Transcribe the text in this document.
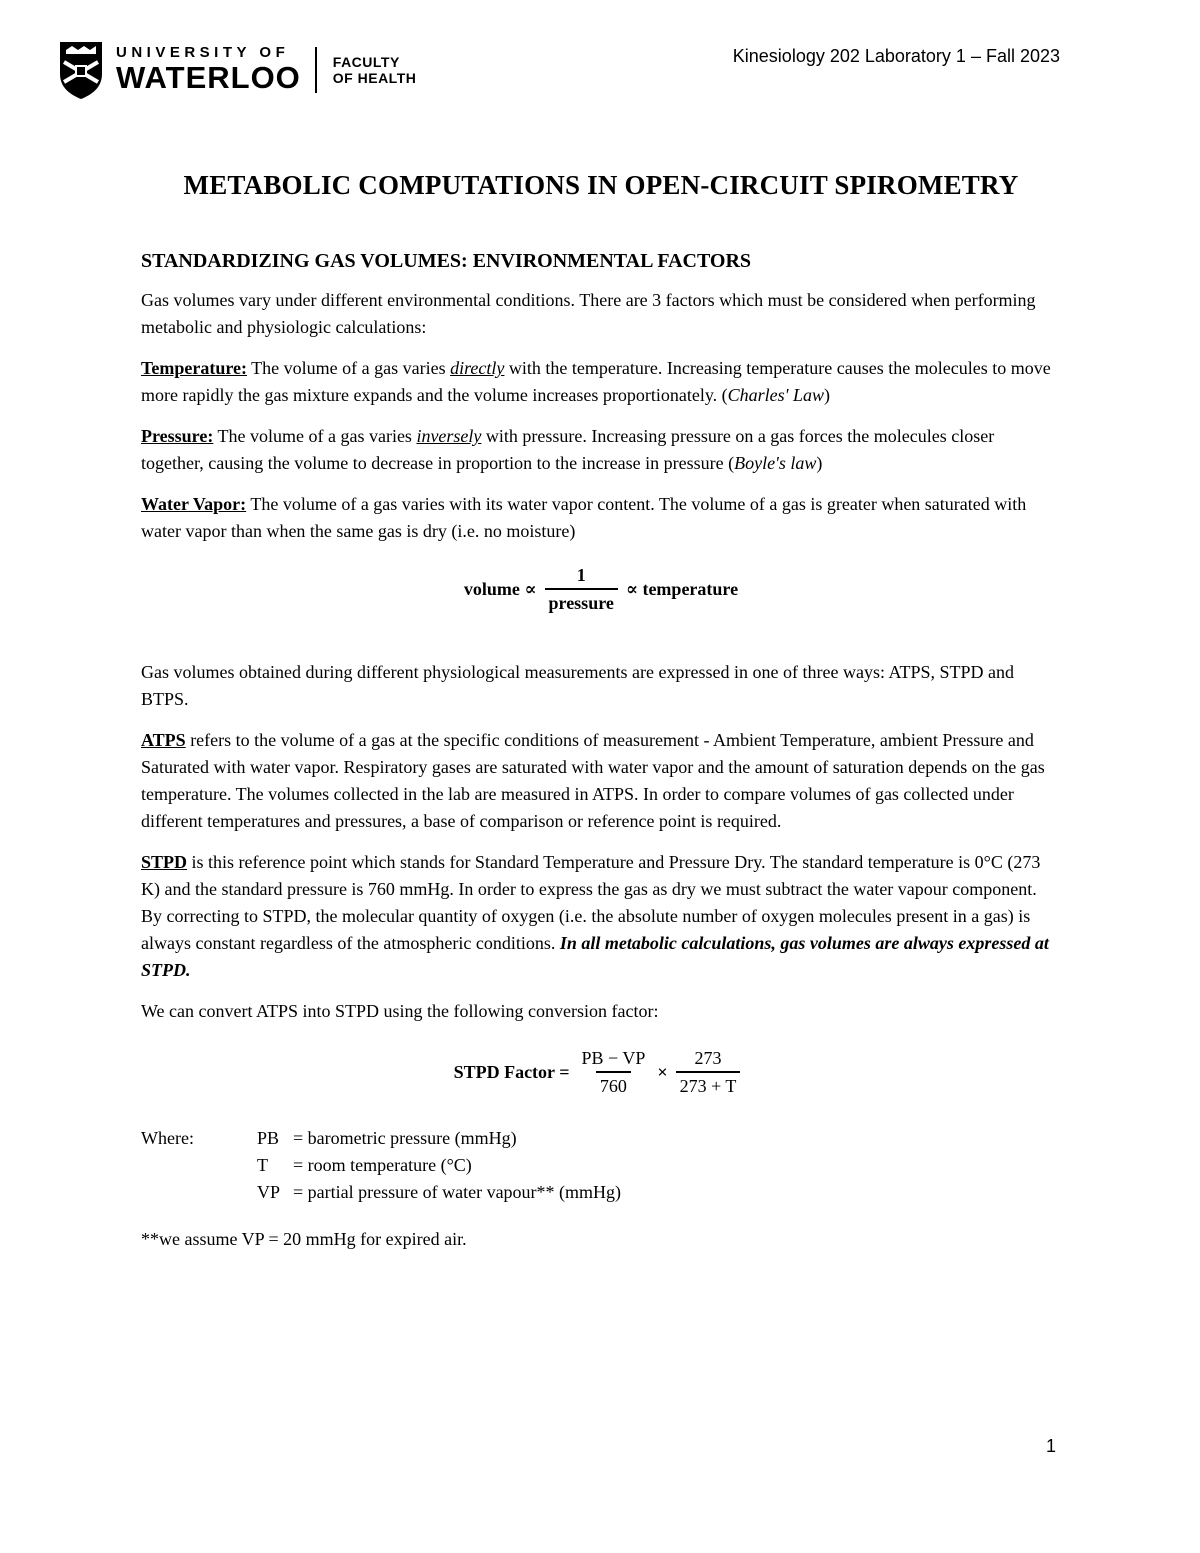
UNIVERSITY OF
WATERLOO FACULTY
OF HEALTH
Kinesiology 202 Laboratory 1 – Fall 2023
METABOLIC COMPUTATIONS IN OPEN-CIRCUIT SPIROMETRY
STANDARDIZING GAS VOLUMES: ENVIRONMENTAL FACTORS

Gas volumes vary under different environmental conditions. There are 3 factors which must be considered when performing metabolic and physiologic calculations:

Temperature: The volume of a gas varies directly with the temperature. Increasing temperature causes the molecules to move more rapidly the gas mixture expands and the volume increases proportionately. (Charles' Law)

Pressure: The volume of a gas varies inversely with pressure. Increasing pressure on a gas forces the molecules closer together, causing the volume to decrease in proportion to the increase in pressure (Boyle's law)

Water Vapor: The volume of a gas varies with its water vapor content. The volume of a gas is greater when saturated with water vapor than when the same gas is dry (i.e. no moisture)

volume ∝ $\frac{1}{\text{pressure}}$ ∝ temperature

Gas volumes obtained during different physiological measurements are expressed in one of three ways: ATPS, STPD and BTPS.

ATPS refers to the volume of a gas at the specific conditions of measurement - Ambient Temperature, ambient Pressure and Saturated with water vapor. Respiratory gases are saturated with water vapor and the amount of saturation depends on the gas temperature. The volumes collected in the lab are measured in ATPS. In order to compare volumes of gas collected under different temperatures and pressures, a base of comparison or reference point is required.

STPD is this reference point which stands for Standard Temperature and Pressure Dry. The standard temperature is 0°C (273 K) and the standard pressure is 760 mmHg. In order to express the gas as dry we must subtract the water vapour component. By correcting to STPD, the molecular quantity of oxygen (i.e. the absolute number of oxygen molecules present in a gas) is always constant regardless of the atmospheric conditions. In all metabolic calculations, gas volumes are always expressed at STPD.

We can convert ATPS into STPD using the following conversion factor:

STPD Factor = $\frac{PB - VP}{760} \times \frac{273}{273 + T}$
Where:	PB = barometric pressure (mmHg)
T	= room temperature (°C)
VP = partial pressure of water vapour** (mmHg)

**we assume VP = 20 mmHg for expired air.

1
